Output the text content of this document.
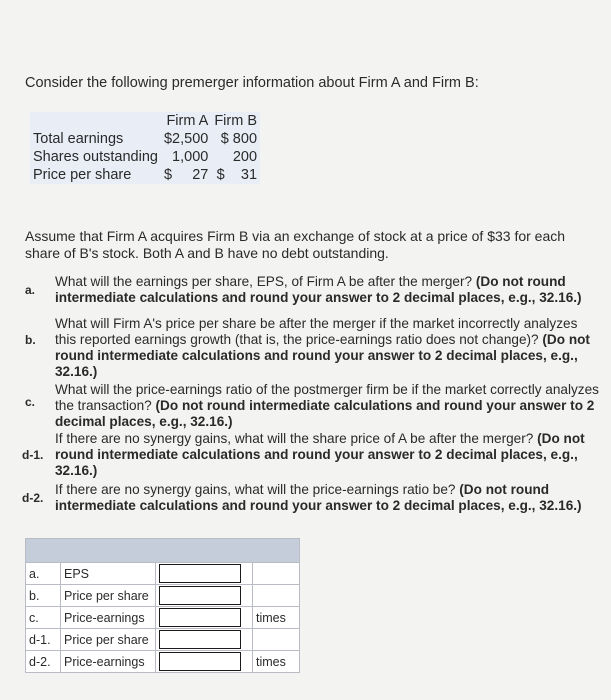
Consider the following premerger information about Firm A and Firm B:
	Firm A	Firm B
Total earnings	$2,500	$ 800
Shares outstanding	1,000	200
Price per share	$ 27	$ 31
Assume that Firm A acquires Firm B via an exchange of stock at a price of $33 for each share of B's stock. Both A and B have no debt outstanding.
a.
What will the earnings per share, EPS, of Firm A be after the merger? (Do not round intermediate calculations and round your answer to 2 decimal places, e.g., 32.16.)
b.
What will Firm A's price per share be after the merger if the market incorrectly analyzes this reported earnings growth (that is, the price-earnings ratio does not change)? (Do not round intermediate calculations and round your answer to 2 decimal places, e.g., 32.16.)
c.
What will the price-earnings ratio of the postmerger firm be if the market correctly analyzes the transaction? (Do not round intermediate calculations and round your answer to 2 decimal places, e.g., 32.16.)
d-1.
If there are no synergy gains, what will the share price of A be after the merger? (Do not round intermediate calculations and round your answer to 2 decimal places, e.g., 32.16.)
d-2.
If there are no synergy gains, what will the price-earnings ratio be? (Do not round intermediate calculations and round your answer to 2 decimal places, e.g., 32.16.)

a.	EPS		
b.	Price per share		
c.	Price-earnings		times
d-1.	Price per share		
d-2.	Price-earnings		times
